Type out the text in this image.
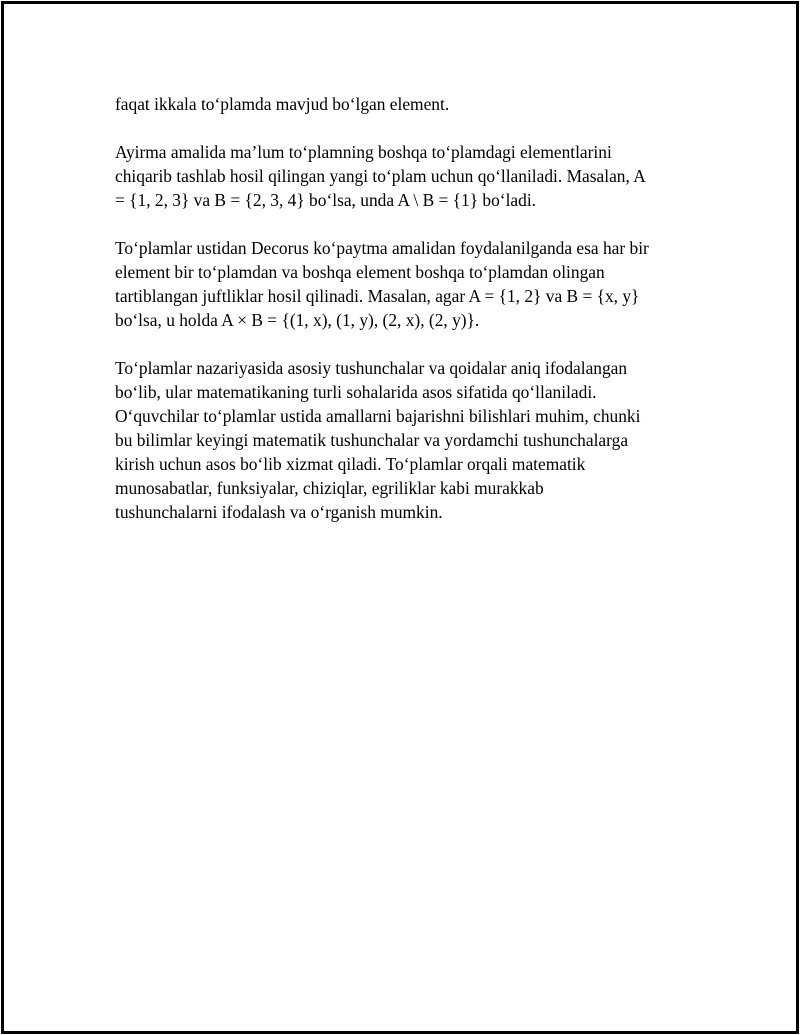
faqat ikkala to‘plamda mavjud bo‘lgan element.

Ayirma amalida ma’lum to‘plamning boshqa to‘plamdagi elementlarini
chiqarib tashlab hosil qilingan yangi to‘plam uchun qo‘llaniladi. Masalan, A
= {1, 2, 3} va B = {2, 3, 4} bo‘lsa, unda A \ B = {1} bo‘ladi.

To‘plamlar ustidan Decorus ko‘paytma amalidan foydalanilganda esa har bir
element bir to‘plamdan va boshqa element boshqa to‘plamdan olingan
tartiblangan juftliklar hosil qilinadi. Masalan, agar A = {1, 2} va B = {x, y}
bo‘lsa, u holda A × B = {(1, x), (1, y), (2, x), (2, y)}.

To‘plamlar nazariyasida asosiy tushunchalar va qoidalar aniq ifodalangan
bo‘lib, ular matematikaning turli sohalarida asos sifatida qo‘llaniladi.
O‘quvchilar to‘plamlar ustida amallarni bajarishni bilishlari muhim, chunki
bu bilimlar keyingi matematik tushunchalar va yordamchi tushunchalarga
kirish uchun asos bo‘lib xizmat qiladi. To‘plamlar orqali matematik
munosabatlar, funksiyalar, chiziqlar, egriliklar kabi murakkab
tushunchalarni ifodalash va o‘rganish mumkin.
